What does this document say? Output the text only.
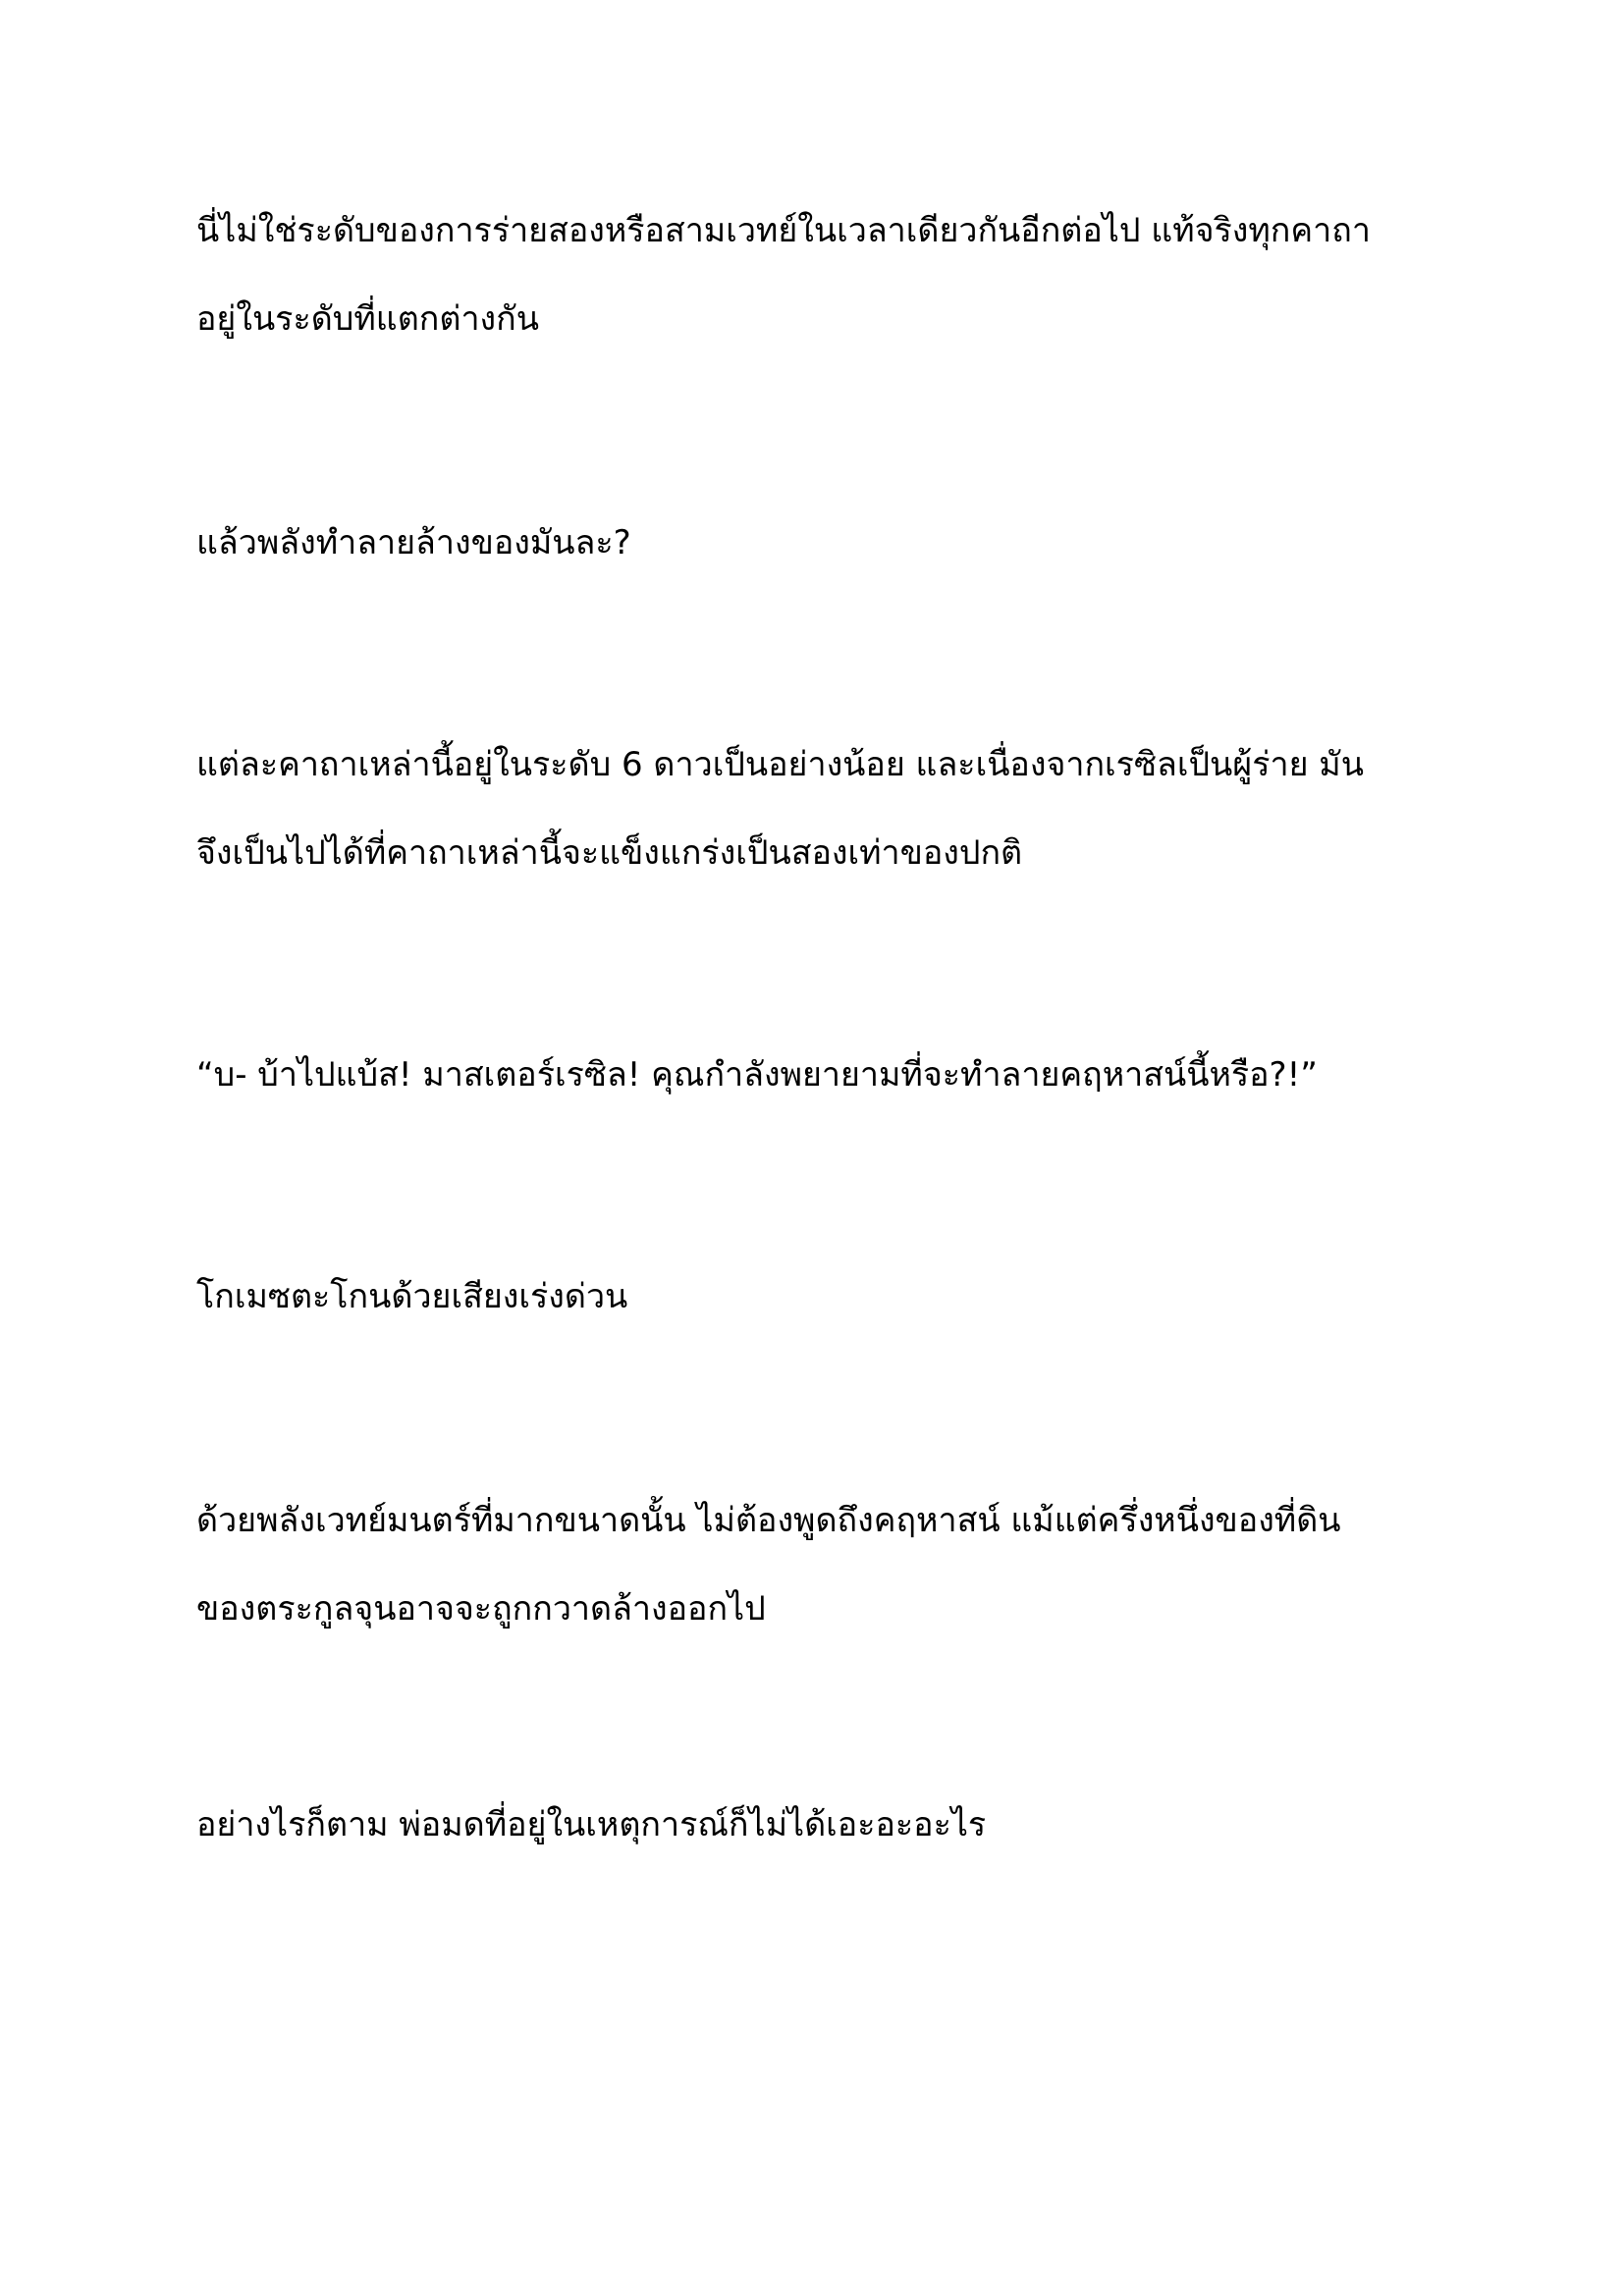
นี่ไม่ใช่ระดับของการร่ายสองหรือสามเวทย์ในเวลาเดียวกันอีกต่อไป แท้จริงทุกคาถา
อยู่ในระดับที่แตกต่างกัน

แล้วพลังทำลายล้างของมันละ?

แต่ละคาถาเหล่านี้อยู่ในระดับ 6 ดาวเป็นอย่างน้อย และเนื่องจากเรซิลเป็นผู้ร่าย มัน
จึงเป็นไปได้ที่คาถาเหล่านี้จะแข็งแกร่งเป็นสองเท่าของปกติ

“บ- บ้าไปแบ้ส! มาสเตอร์เรซิล! คุณกำลังพยายามที่จะทำลายคฤหาสน์นี้หรือ?!”

โกเมซตะโกนด้วยเสียงเร่งด่วน

ด้วยพลังเวทย์มนตร์ที่มากขนาดนั้น ไม่ต้องพูดถึงคฤหาสน์ แม้แต่ครึ่งหนึ่งของที่ดิน
ของตระกูลจุนอาจจะถูกกวาดล้างออกไป

อย่างไรก็ตาม พ่อมดที่อยู่ในเหตุการณ์ก็ไม่ได้เอะอะอะไร
